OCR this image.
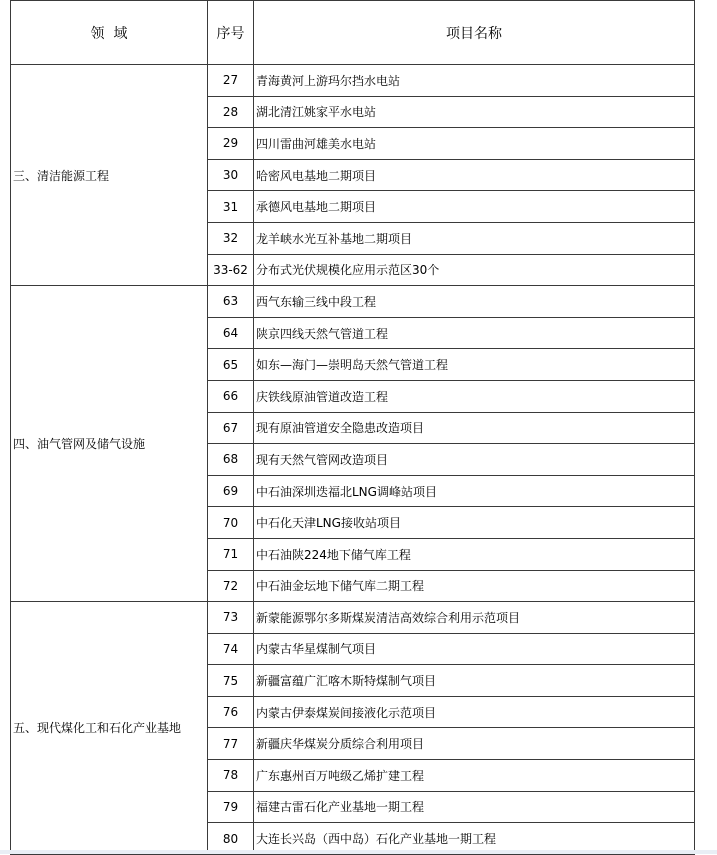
领  域	序号	项目名称
三、清洁能源工程	27	青海黄河上游玛尔挡水电站
	28	湖北清江姚家平水电站
	29	四川雷曲河雄美水电站
	30	哈密风电基地二期项目
	31	承德风电基地二期项目
	32	龙羊峡水光互补基地二期项目
	33-62	分布式光伏规模化应用示范区30个
四、油气管网及储气设施	63	西气东输三线中段工程
	64	陕京四线天然气管道工程
	65	如东—海门—崇明岛天然气管道工程
	66	庆铁线原油管道改造工程
	67	现有原油管道安全隐患改造项目
	68	现有天然气管网改造项目
	69	中石油深圳迭福北LNG调峰站项目
	70	中石化天津LNG接收站项目
	71	中石油陕224地下储气库工程
	72	中石油金坛地下储气库二期工程
五、现代煤化工和石化产业基地	73	新蒙能源鄂尔多斯煤炭清洁高效综合利用示范项目
	74	内蒙古华星煤制气项目
	75	新疆富蕴广汇喀木斯特煤制气项目
	76	内蒙古伊泰煤炭间接液化示范项目
	77	新疆庆华煤炭分质综合利用项目
	78	广东惠州百万吨级乙烯扩建工程
	79	福建古雷石化产业基地一期工程
	80	大连长兴岛（西中岛）石化产业基地一期工程
